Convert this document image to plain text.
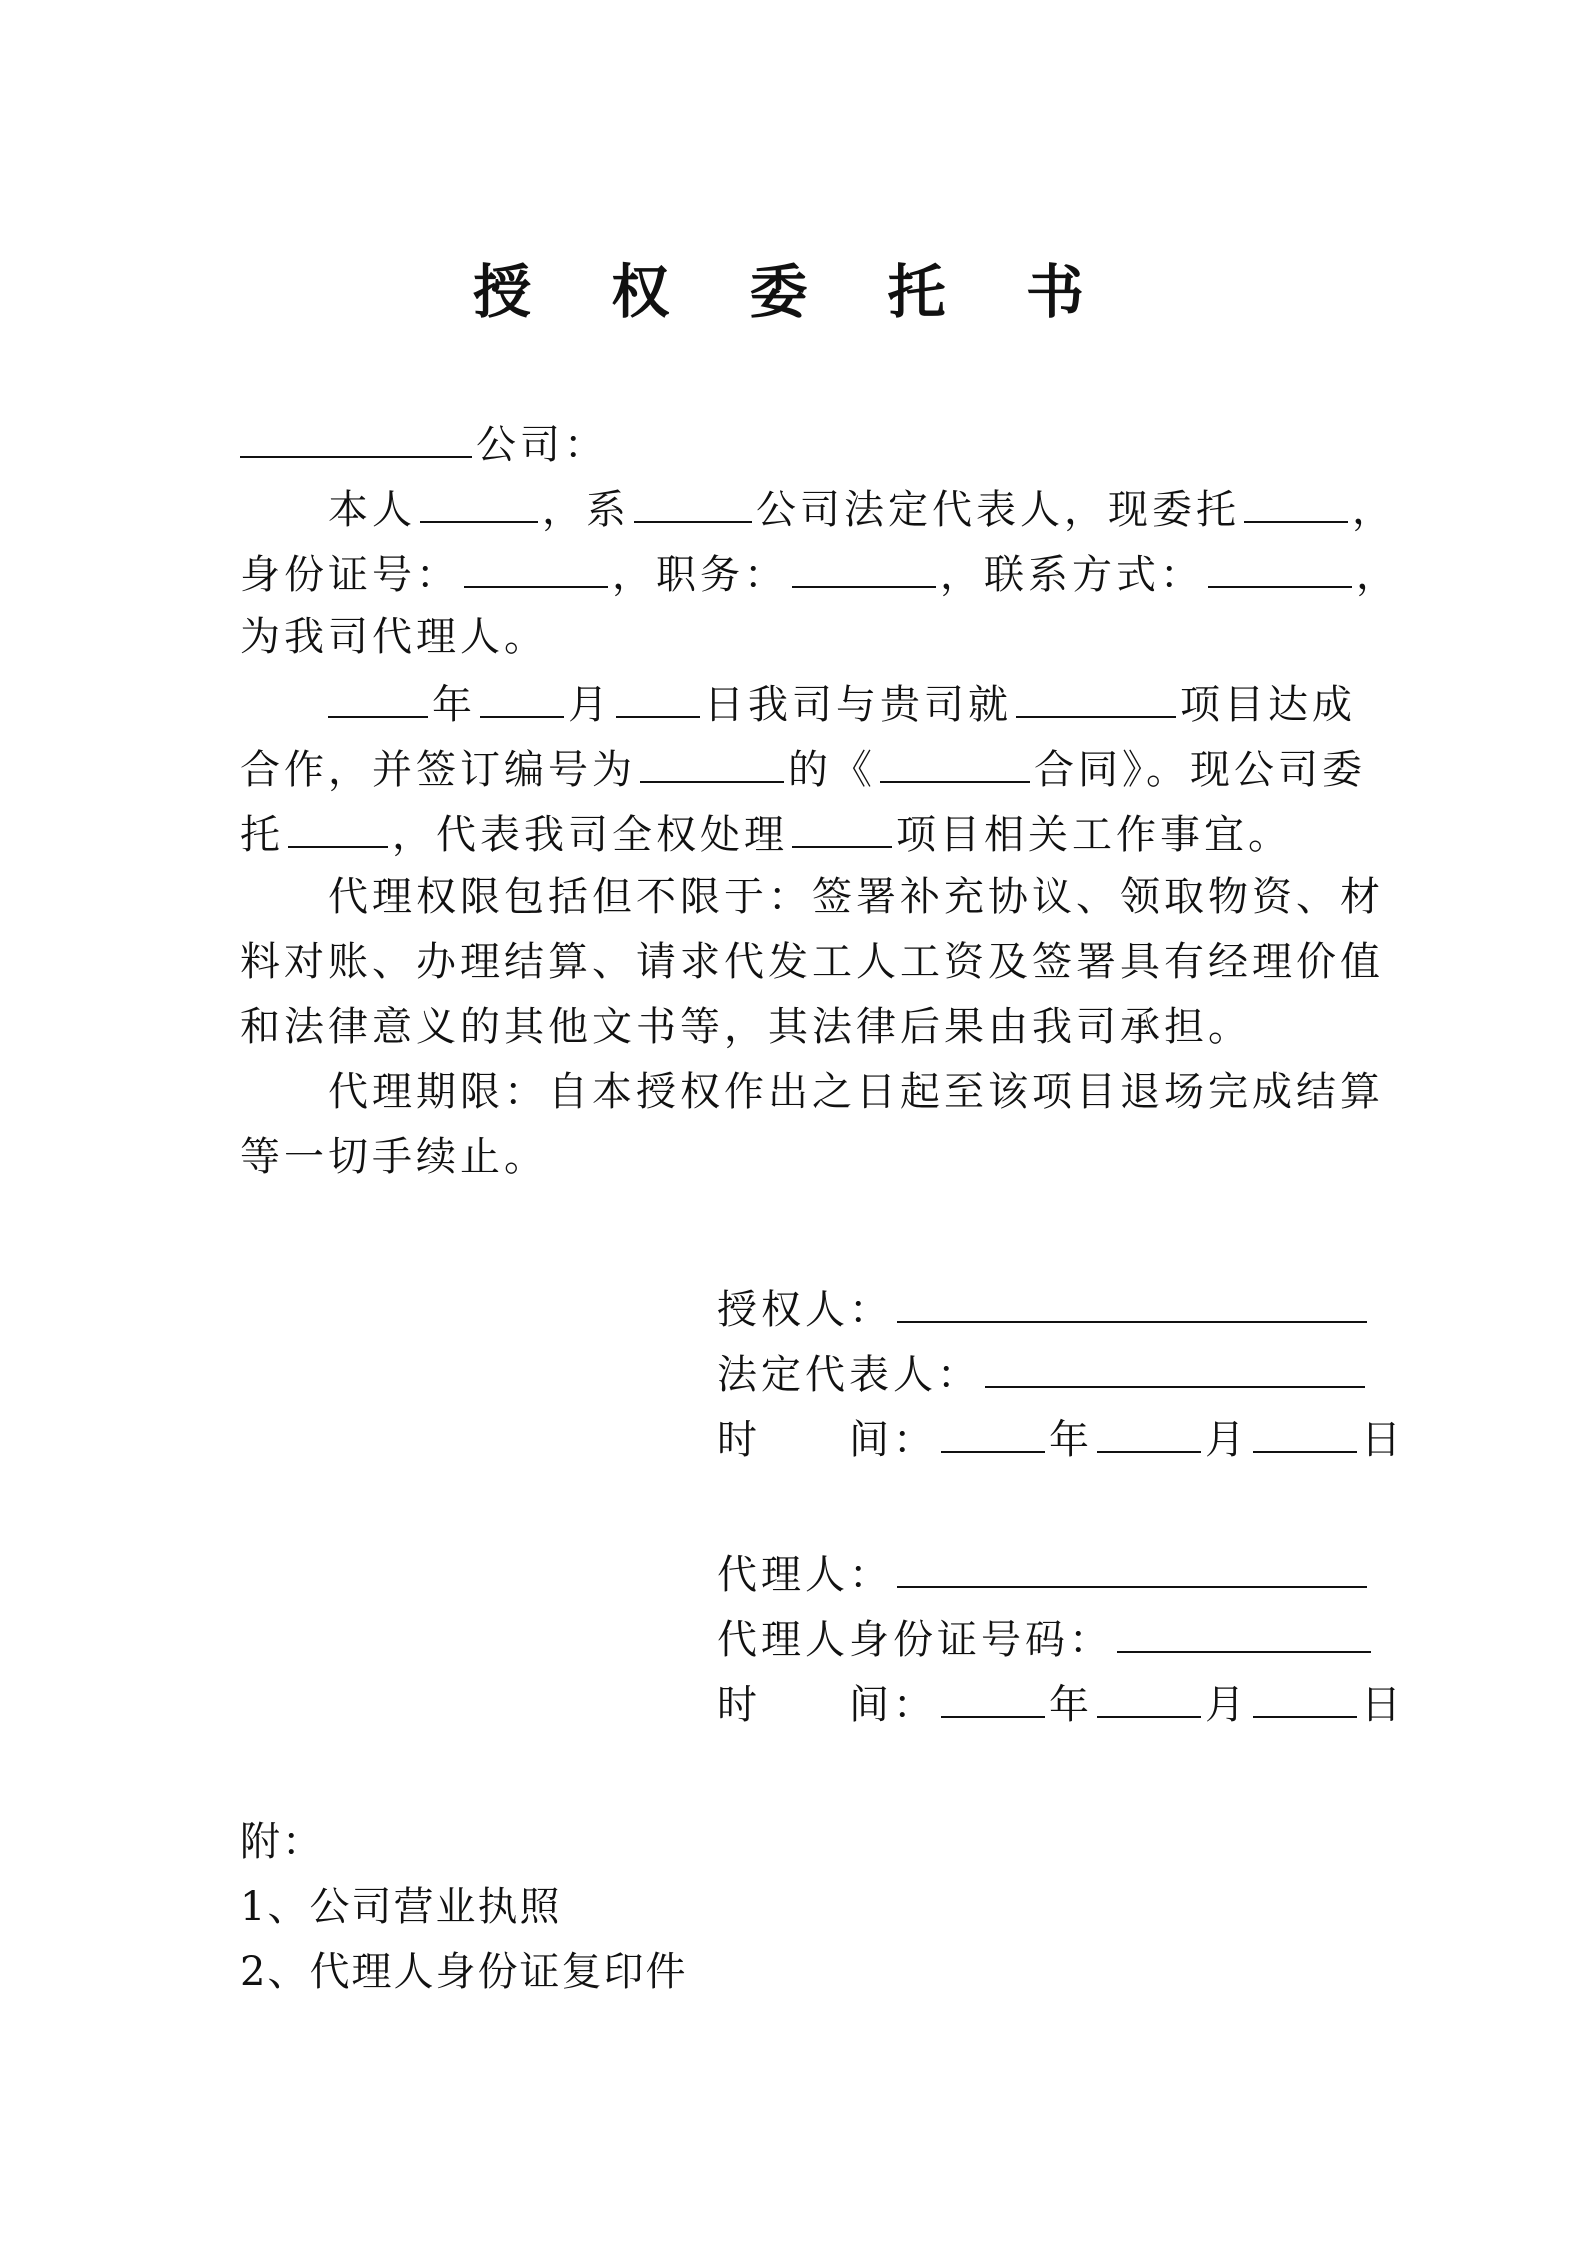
授 权 委 托 书
公司：
本人	，系	公司法定代表人，现委托	，
身份证号：	，职务：	，联系方式：	，
为我司代理人。
年 月 日我司与贵司就	项目达成
合作，并签订编号为	的《	合同》。现公司委
托	，代表我司全权处理	项目相关工作事宜。
代理权限包括但不限于：签署补充协议、领取物资、材
料对账、办理结算、请求代发工人工资及签署具有经理价值
和法律意义的其他文书等，其法律后果由我司承担。
代理期限：自本授权作出之日起至该项目退场完成结算
等一切手续止。
授权人：
法定代表人：
时　　间：	年	月	日
代理人：
代理人身份证号码：
时　　间：	年	月	日
附：
1、公司营业执照
2、代理人身份证复印件
